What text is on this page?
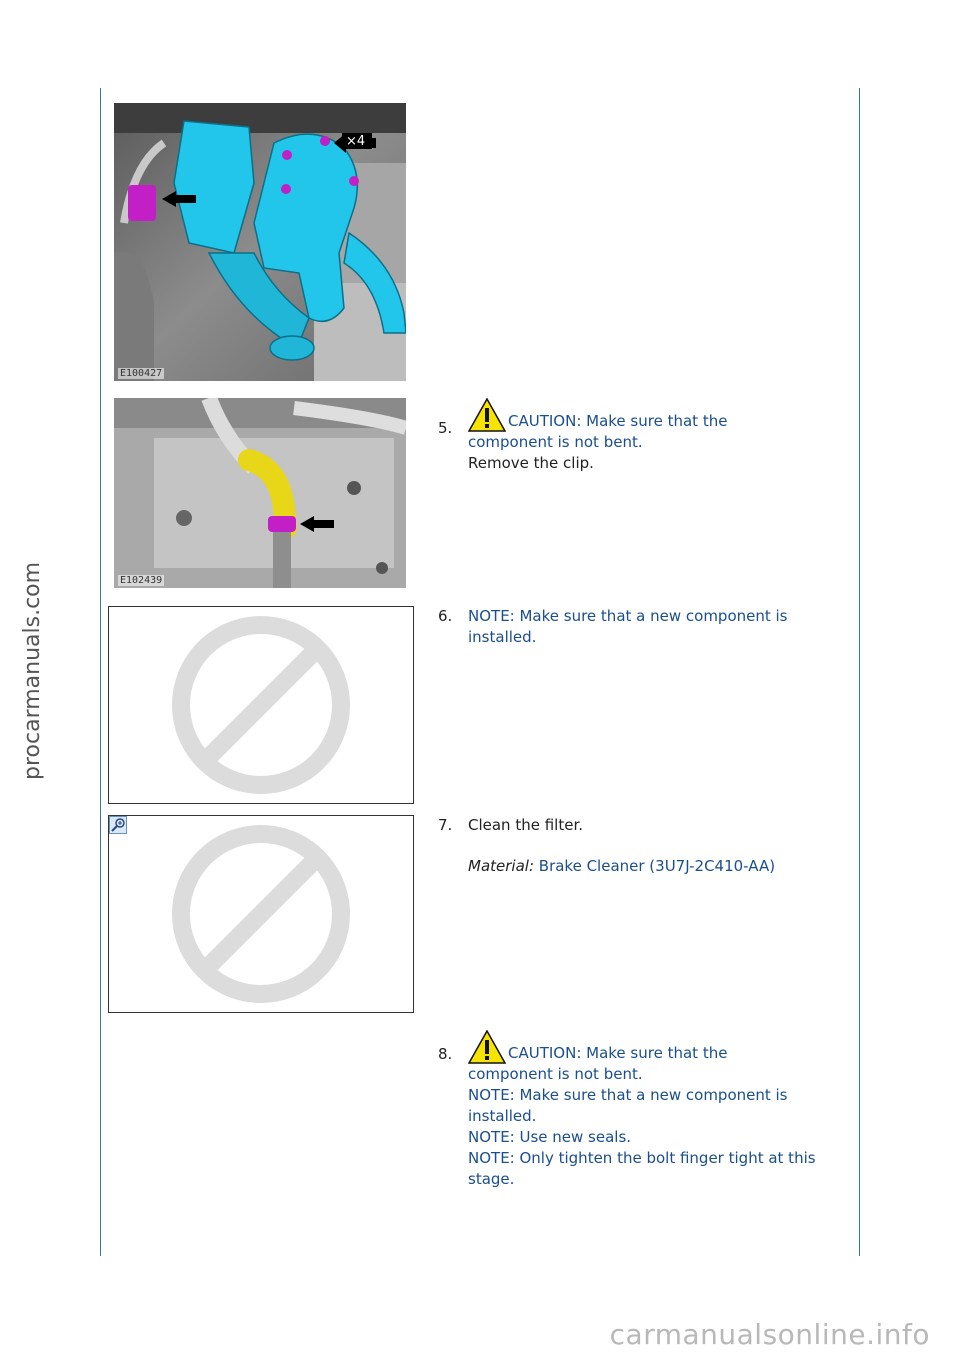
procarmanuals.com
×4
E100427
E102439
5.	CAUTION: Make sure that the component is not bent.
Remove the clip.
6. NOTE: Make sure that a new component is installed.
7. Clean the filter.
Material: Brake Cleaner (3U7J-2C410-AA)
8.	CAUTION: Make sure that the component is not bent.
NOTE: Make sure that a new component is installed.
NOTE: Use new seals.
NOTE: Only tighten the bolt finger tight at this stage.
carmanualsonline.info
